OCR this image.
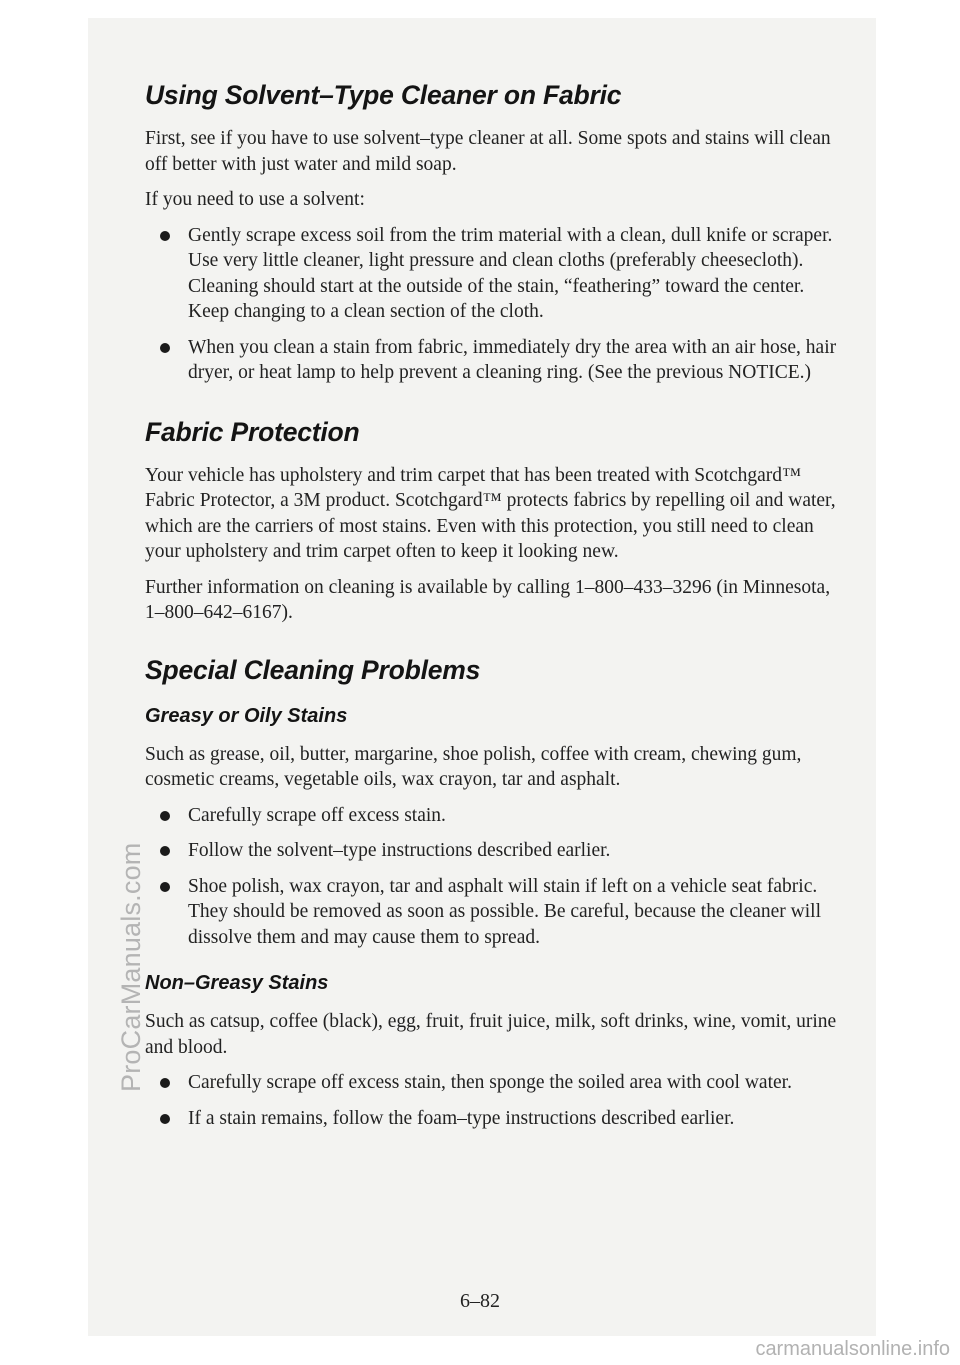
ProCarManuals.com
Using Solvent–Type Cleaner on Fabric

First, see if you have to use solvent–type cleaner at all. Some spots and stains will clean off better with just water and mild soap.

If you need to use a solvent:

Gently scrape excess soil from the trim material with a clean, dull knife or scraper. Use very little cleaner, light pressure and clean cloths (preferably cheesecloth). Cleaning should start at the outside of the stain, “feathering” toward the center. Keep changing to a clean section of the cloth.
When you clean a stain from fabric, immediately dry the area with an air hose, hair dryer, or heat lamp to help prevent a cleaning ring. (See the previous NOTICE.)
Fabric Protection

Your vehicle has upholstery and trim carpet that has been treated with Scotchgard™ Fabric Protector, a 3M product. Scotchgard™ protects fabrics by repelling oil and water, which are the carriers of most stains. Even with this protection, you still need to clean your upholstery and trim carpet often to keep it looking new.

Further information on cleaning is available by calling 1–800–433–3296 (in Minnesota, 1–800–642–6167).

Special Cleaning Problems
Greasy or Oily Stains

Such as grease, oil, butter, margarine, shoe polish, coffee with cream, chewing gum, cosmetic creams, vegetable oils, wax crayon, tar and asphalt.

Carefully scrape off excess stain.
Follow the solvent–type instructions described earlier.
Shoe polish, wax crayon, tar and asphalt will stain if left on a vehicle seat fabric. They should be removed as soon as possible. Be careful, because the cleaner will dissolve them and may cause them to spread.
Non–Greasy Stains

Such as catsup, coffee (black), egg, fruit, fruit juice, milk, soft drinks, wine, vomit, urine and blood.

Carefully scrape off excess stain, then sponge the soiled area with cool water.
If a stain remains, follow the foam–type instructions described earlier.
6–82
carmanualsonline.info
